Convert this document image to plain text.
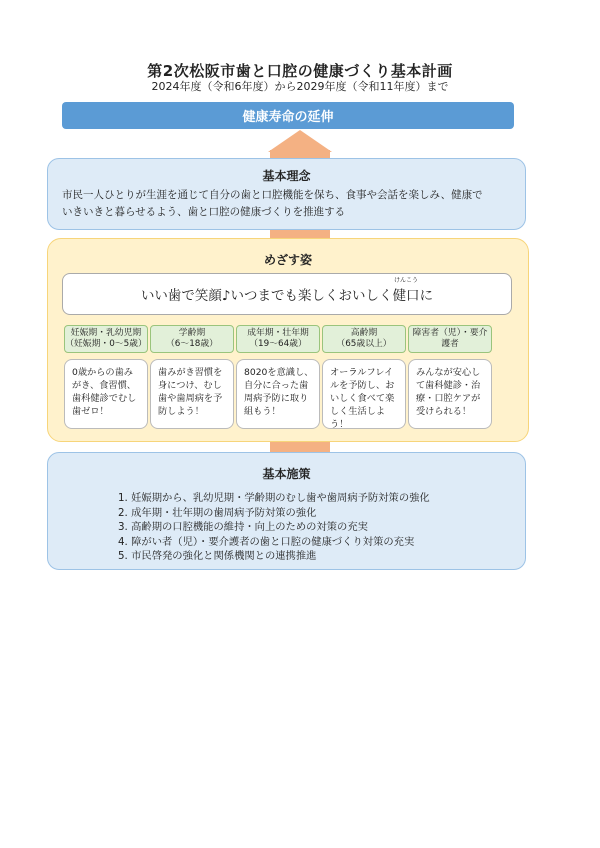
第2次松阪市歯と口腔の健康づくり基本計画
2024年度（令和6年度）から2029年度（令和11年度）まで
健康寿命の延伸
基本理念
市民一人ひとりが生涯を通じて自分の歯と口腔機能を保ち、食事や会話を楽しみ、健康で
いきいきと暮らせるよう、歯と口腔の健康づくりを推進する
めざす姿
いい歯で笑顔♪いつまでも楽しくおいしく
けんこう
健口 に
妊娠期・乳幼児期
（妊娠期・0～5歳）
学齢期
（6～18歳）
成年期・壮年期
（19～64歳）
高齢期
（65歳以上）
障害者（児）・要介護者
0歳からの歯みがき、食習慣、歯科健診でむし歯ゼロ！
歯みがき習慣を身につけ、むし歯や歯周病を予防しよう！
8020を意識し、自分に合った歯周病予防に取り組もう！
オーラルフレイルを予防し、おいしく食べて楽しく生活しよう！
みんなが安心して歯科健診・治療・口腔ケアが受けられる！
基本施策
1. 妊娠期から、乳幼児期・学齢期のむし歯や歯周病予防対策の強化
2. 成年期・壮年期の歯周病予防対策の強化
3. 高齢期の口腔機能の維持・向上のための対策の充実
4. 障がい者（児）・要介護者の歯と口腔の健康づくり対策の充実
5. 市民啓発の強化と関係機関との連携推進
